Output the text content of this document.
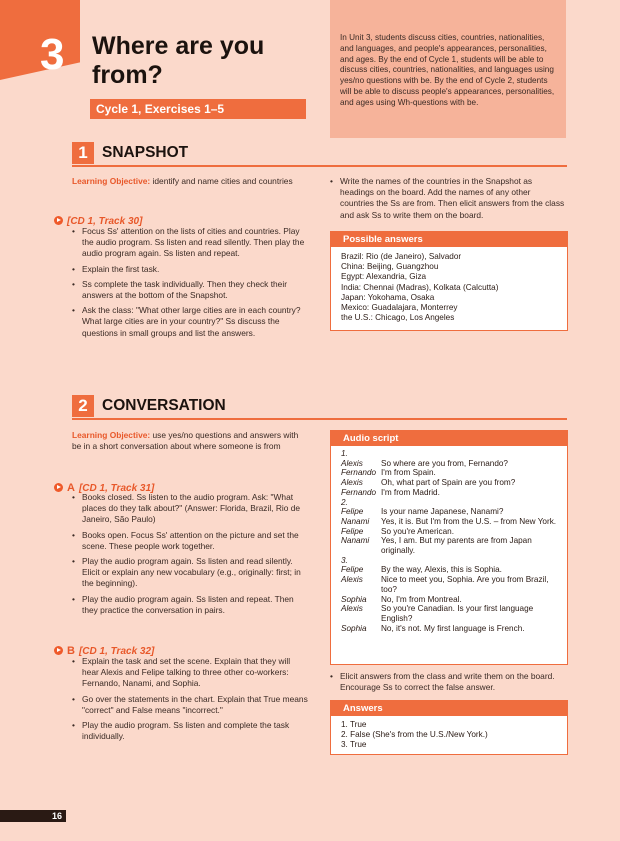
3 Where are you
from?
Cycle 1, Exercises 1–5
In Unit 3, students discuss cities, countries, nationalities, and languages, and people's appearances, personalities, and ages. By the end of Cycle 1, students will be able to discuss cities, countries, nationalities, and languages using yes/no questions with be. By the end of Cycle 2, students will be able to discuss people's appearances, personalities, and ages using Wh-questions with be.
1 SNAPSHOT
Learning Objective: identify and name cities and countries
[CD 1, Track 30]
• Focus Ss' attention on the lists of cities and countries. Play the audio program. Ss listen and read silently. Then play the audio program again. Ss listen and repeat.
• Explain the first task.
• Ss complete the task individually. Then they check their answers at the bottom of the Snapshot.
• Ask the class: "What other large cities are in each country? What large cities are in your country?" Ss discuss the questions in small groups and list the answers.
• Write the names of the countries in the Snapshot as headings on the board. Add the names of any other countries the Ss are from. Then elicit answers from the class and ask Ss to write them on the board.
Possible answers
Brazil: Rio (de Janeiro), Salvador
China: Beijing, Guangzhou
Egypt: Alexandria, Giza
India: Chennai (Madras), Kolkata (Calcutta)
Japan: Yokohama, Osaka
Mexico: Guadalajara, Monterrey
the U.S.: Chicago, Los Angeles
2 CONVERSATION
Learning Objective: use yes/no questions and answers with be in a short conversation about where someone is from
A [CD 1, Track 31]
• Books closed. Ss listen to the audio program. Ask: "What places do they talk about?" (Answer: Florida, Brazil, Rio de Janeiro, São Paulo)
• Books open. Focus Ss' attention on the picture and set the scene. These people work together.
• Play the audio program again. Ss listen and read silently. Elicit or explain any new vocabulary (e.g., originally: first; in the beginning).
• Play the audio program again. Ss listen and repeat. Then they practice the conversation in pairs.
B [CD 1, Track 32]
• Explain the task and set the scene. Explain that they will hear Alexis and Felipe talking to three other co-workers: Fernando, Nanami, and Sophia.
• Go over the statements in the chart. Explain that True means "correct" and False means "incorrect."
• Play the audio program. Ss listen and complete the task individually.
Audio script
1.
Alexis	So where are you from, Fernando?
Fernando I'm from Spain.
Alexis	Oh, what part of Spain are you from?
Fernando I'm from Madrid.
2.
Felipe	Is your name Japanese, Nanami?
Nanami	Yes, it is. But I'm from the U.S. – from New York.
Felipe	So you're American.
Nanami	Yes, I am. But my parents are from Japan originally.
3.
Felipe	By the way, Alexis, this is Sophia.
Alexis	Nice to meet you, Sophia. Are you from Brazil, too?
Sophia	No, I'm from Montreal.
Alexis	So you're Canadian. Is your first language English?
Sophia	No, it's not. My first language is French.
• Elicit answers from the class and write them on the board. Encourage Ss to correct the false answer.
Answers
1. True
2. False (She's from the U.S./New York.)
3. True
16
